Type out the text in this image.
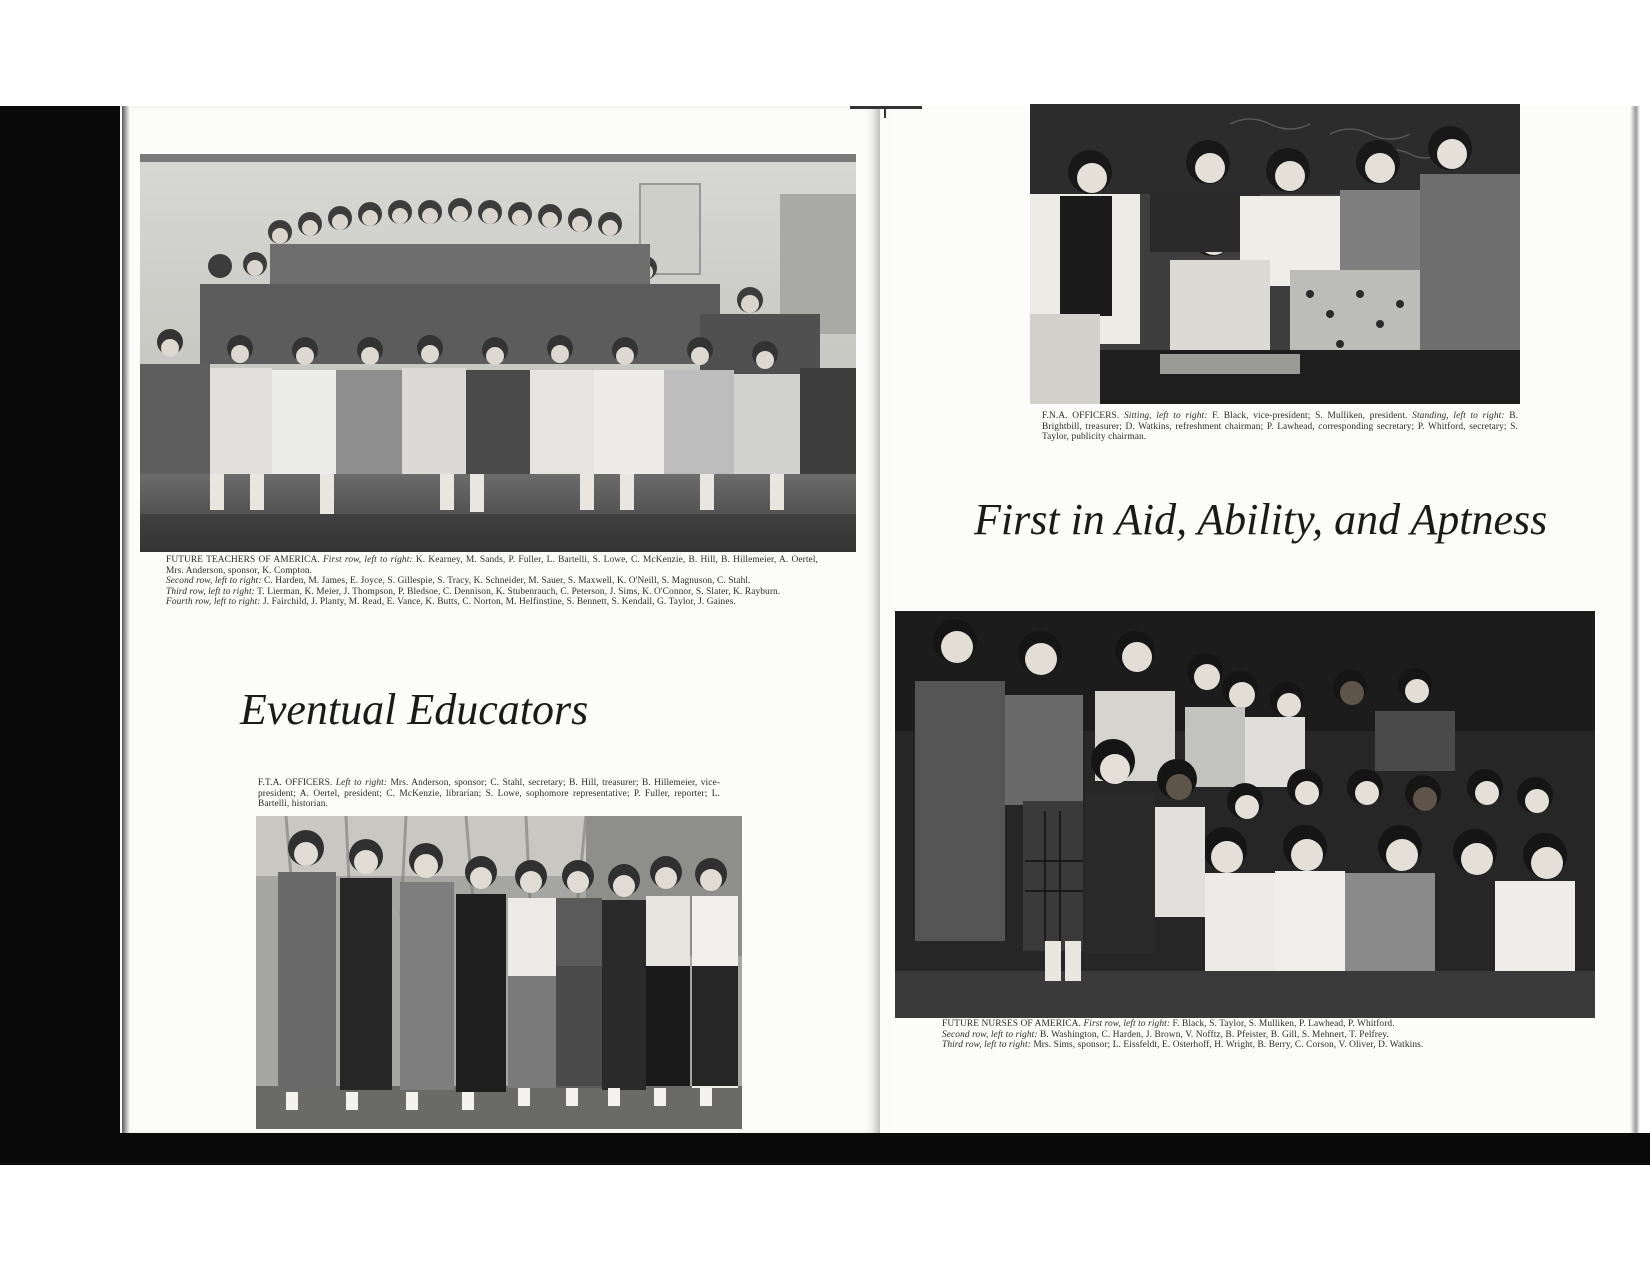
FUTURE TEACHERS OF AMERICA. First row, left to right: K. Kearney, M. Sands, P. Fuller, L. Bartelli, S. Lowe, C. McKenzie, B. Hill, B. Hillemeier, A. Oertel, Mrs. Anderson, sponsor, K. Compton.
Second row, left to right: C. Harden, M. James, E. Joyce, S. Gillespie, S. Tracy, K. Schneider, M. Sauer, S. Maxwell, K. O'Neill, S. Magnuson, C. Stahl.
Third row, left to right: T. Lierman, K. Meier, J. Thompson, P. Bledsoe, C. Dennison, K. Stubenrauch, C. Peterson, J. Sims, K. O'Connor, S. Slater, K. Rayburn.
Fourth row, left to right: J. Fairchild, J. Planty, M. Read, E. Vance, K. Butts, C. Norton, M. Helfinstine, S. Bennett, S. Kendall, G. Taylor, J. Gaines.
Eventual Educators
F.T.A. OFFICERS. Left to right: Mrs. Anderson, sponsor; C. Stahl, secretary; B. Hill, treasurer; B. Hillemeier, vice-president; A. Oertel, president; C. McKenzie, librarian; S. Lowe, sophomore representative; P. Fuller, reporter; L. Bartelli, historian.
F.N.A. OFFICERS. Sitting, left to right: F. Black, vice-president; S. Mulliken, president. Standing, left to right: B. Brightbill, treasurer; D. Watkins, refreshment chairman; P. Lawhead, corresponding secretary; P. Whitford, secretary; S. Taylor, publicity chairman.
First in Aid, Ability, and Aptness
FUTURE NURSES OF AMERICA. First row, left to right: F. Black, S. Taylor, S. Mulliken, P. Lawhead, P. Whitford.
Second row, left to right: B. Washington, C. Harden, J. Brown, V. Nofftz, B. Pfeister, B. Gill, S. Mehnert, T. Pelfrey.
Third row, left to right: Mrs. Sims, sponsor; L. Eissfeldt, E. Osterhoff, H. Wright, B. Berry, C. Corson, V. Oliver, D. Watkins.
